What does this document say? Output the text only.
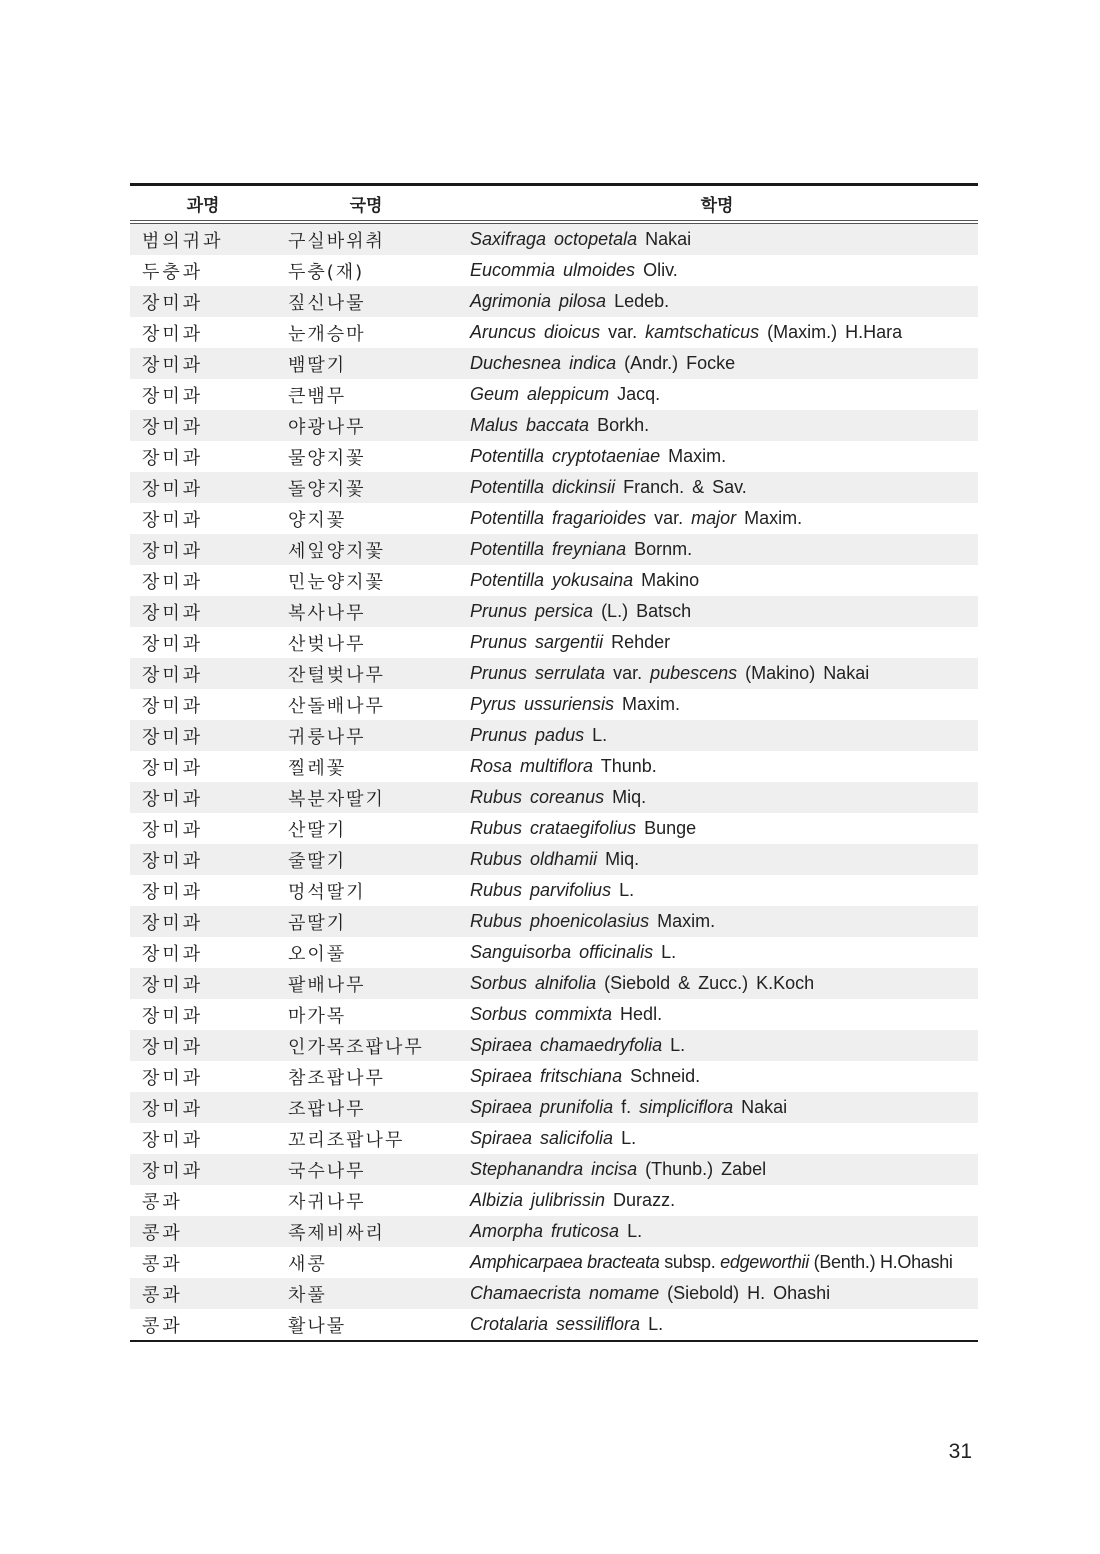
과명	국명	학명
범의귀과	구실바위취	Saxifraga octopetala Nakai
두충과	두충(재)	Eucommia ulmoides Oliv.
장미과	짚신나물	Agrimonia pilosa Ledeb.
장미과	눈개승마	Aruncus dioicus var. kamtschaticus (Maxim.) H.Hara
장미과	뱀딸기	Duchesnea indica (Andr.) Focke
장미과	큰뱀무	Geum aleppicum Jacq.
장미과	야광나무	Malus baccata Borkh.
장미과	물양지꽃	Potentilla cryptotaeniae Maxim.
장미과	돌양지꽃	Potentilla dickinsii Franch. & Sav.
장미과	양지꽃	Potentilla fragarioides var. major Maxim.
장미과	세잎양지꽃	Potentilla freyniana Bornm.
장미과	민눈양지꽃	Potentilla yokusaina Makino
장미과	복사나무	Prunus persica (L.) Batsch
장미과	산벚나무	Prunus sargentii Rehder
장미과	잔털벚나무	Prunus serrulata var. pubescens (Makino) Nakai
장미과	산돌배나무	Pyrus ussuriensis Maxim.
장미과	귀룽나무	Prunus padus L.
장미과	찔레꽃	Rosa multiflora Thunb.
장미과	복분자딸기	Rubus coreanus Miq.
장미과	산딸기	Rubus crataegifolius Bunge
장미과	줄딸기	Rubus oldhamii Miq.
장미과	멍석딸기	Rubus parvifolius L.
장미과	곰딸기	Rubus phoenicolasius Maxim.
장미과	오이풀	Sanguisorba officinalis L.
장미과	팥배나무	Sorbus alnifolia (Siebold & Zucc.) K.Koch
장미과	마가목	Sorbus commixta Hedl.
장미과	인가목조팝나무	Spiraea chamaedryfolia L.
장미과	참조팝나무	Spiraea fritschiana Schneid.
장미과	조팝나무	Spiraea prunifolia f. simpliciflora Nakai
장미과	꼬리조팝나무	Spiraea salicifolia L.
장미과	국수나무	Stephanandra incisa (Thunb.) Zabel
콩과	자귀나무	Albizia julibrissin Durazz.
콩과	족제비싸리	Amorpha fruticosa L.
콩과	새콩	Amphicarpaea bracteata subsp. edgeworthii (Benth.) H.Ohashi
콩과	차풀	Chamaecrista nomame (Siebold) H. Ohashi
콩과	활나물	Crotalaria sessiliflora L.
31
